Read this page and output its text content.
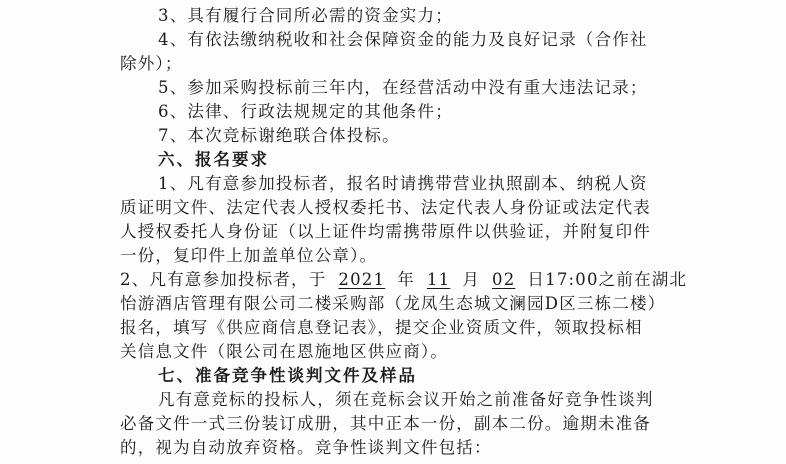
3、具有履行合同所必需的资金实力；
4、有依法缴纳税收和社会保障资金的能力及良好记录（合作社
除外）；
5、参加采购投标前三年内，在经营活动中没有重大违法记录；
6、法律、行政法规规定的其他条件；
7、本次竞标谢绝联合体投标。
六、报名要求
1、凡有意参加投标者，报名时请携带营业执照副本、纳税人资
质证明文件、法定代表人授权委托书、法定代表人身份证或法定代表
人授权委托人身份证（以上证件均需携带原件以供验证，并附复印件
一份，复印件上加盖单位公章）。
2、凡有意参加投标者，于 2021 年 11 月 02 日17:00之前在湖北
怡游酒店管理有限公司二楼采购部（龙凤生态城文澜园D区三栋二楼）
报名，填写《供应商信息登记表》，提交企业资质文件，领取投标相
关信息文件（限公司在恩施地区供应商）。
七、准备竞争性谈判文件及样品
凡有意竞标的投标人，须在竞标会议开始之前准备好竞争性谈判
必备文件一式三份装订成册，其中正本一份，副本二份。逾期未准备
的，视为自动放弃资格。竞争性谈判文件包括：
